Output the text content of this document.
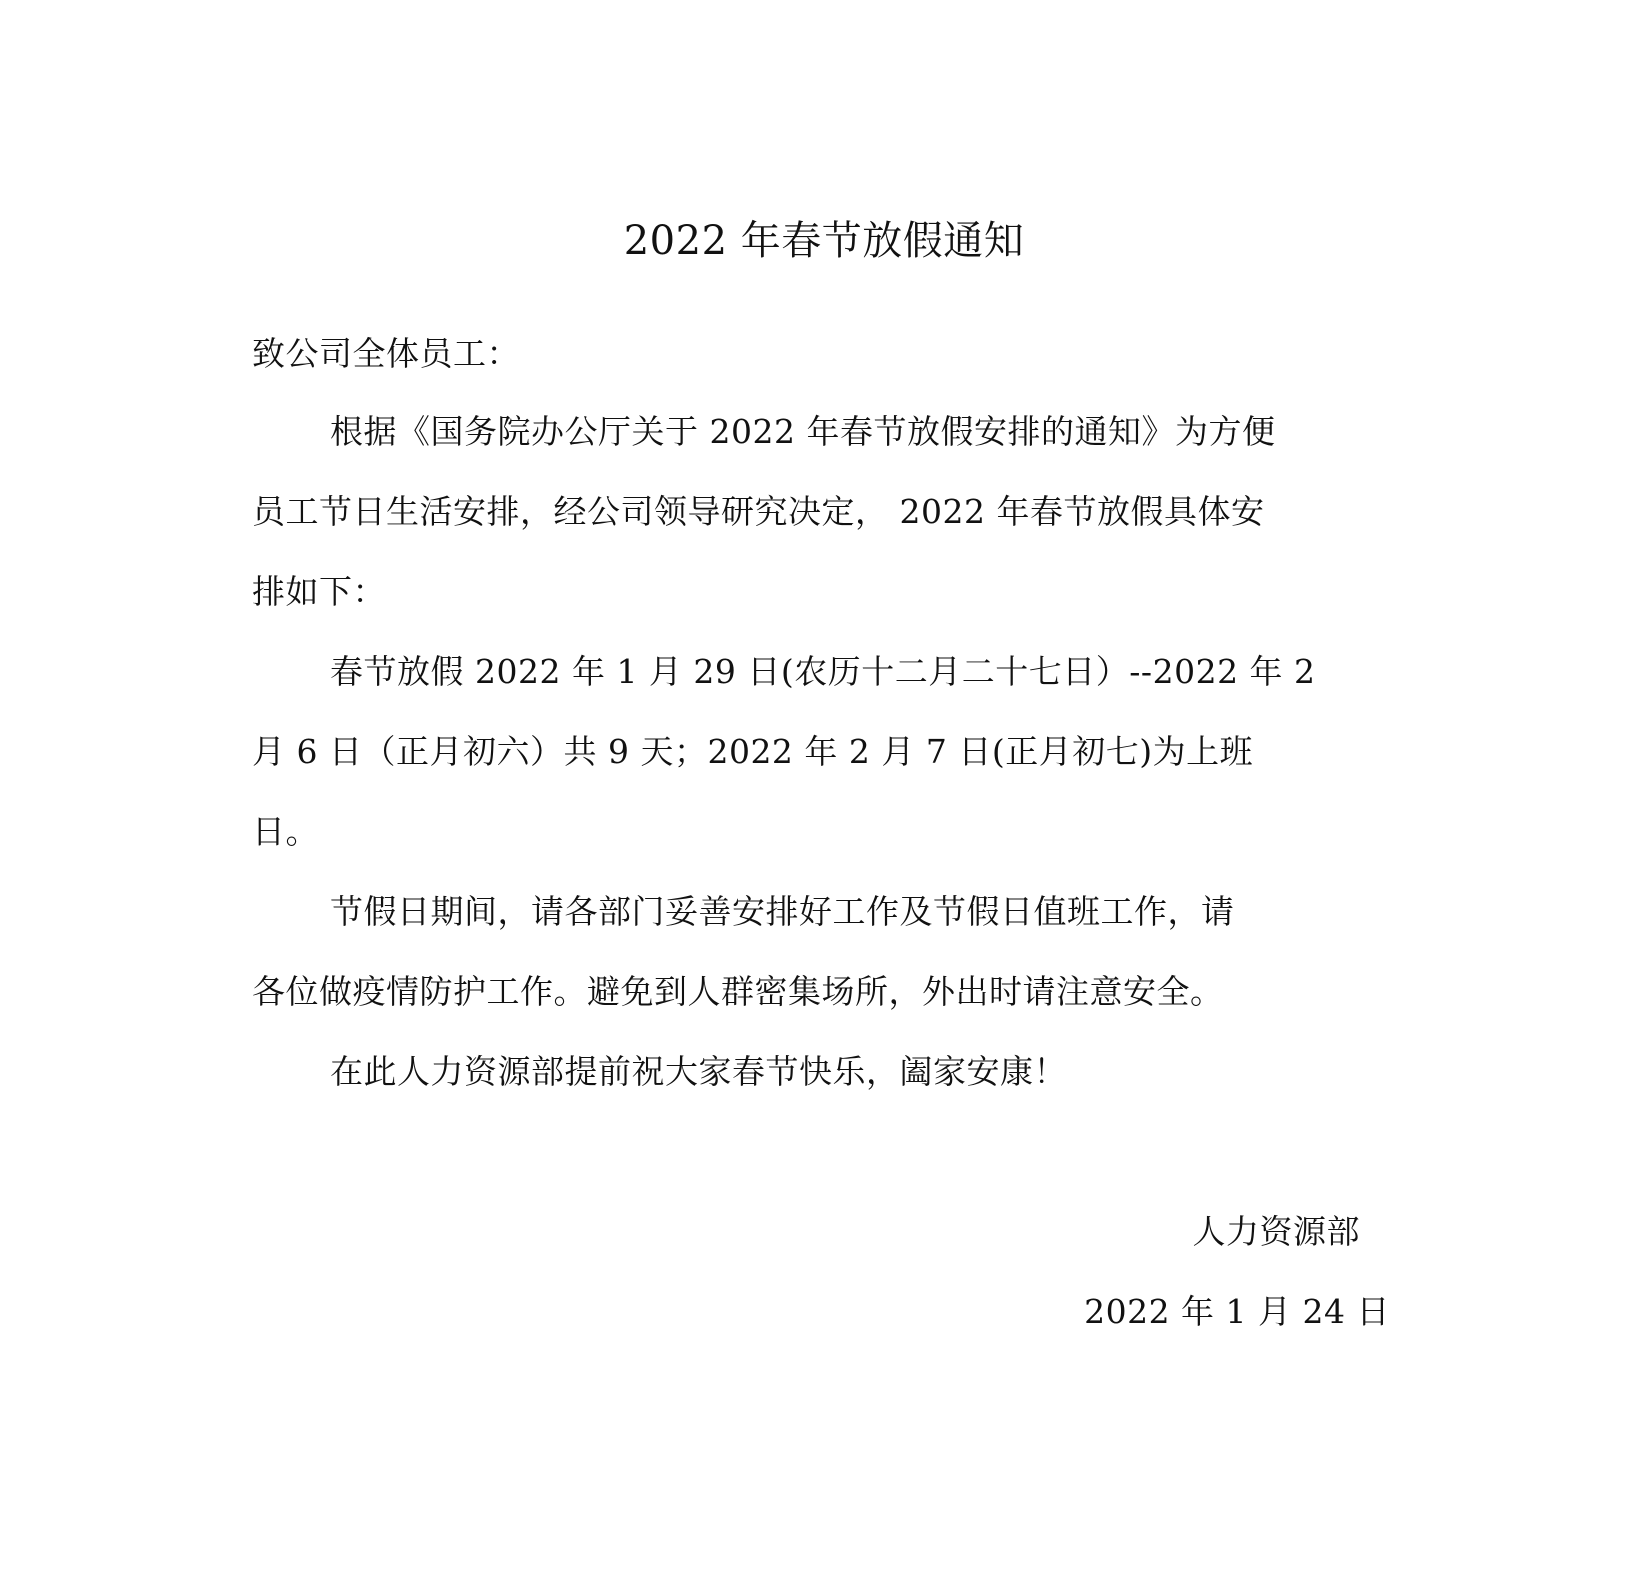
2022 年春节放假通知
致公司全体员工：
根据《国务院办公厅关于 2022 年春节放假安排的通知》为方便
员工节日生活安排，经公司领导研究决定， 2022 年春节放假具体安
排如下：
春节放假 2022 年 1 月 29 日(农历十二月二十七日）--2022 年 2
月 6 日（正月初六）共 9 天；2022 年 2 月 7 日(正月初七)为上班
日。
节假日期间，请各部门妥善安排好工作及节假日值班工作，请
各位做疫情防护工作。避免到人群密集场所，外出时请注意安全。
在此人力资源部提前祝大家春节快乐，阖家安康！
人力资源部
2022 年 1 月 24 日
